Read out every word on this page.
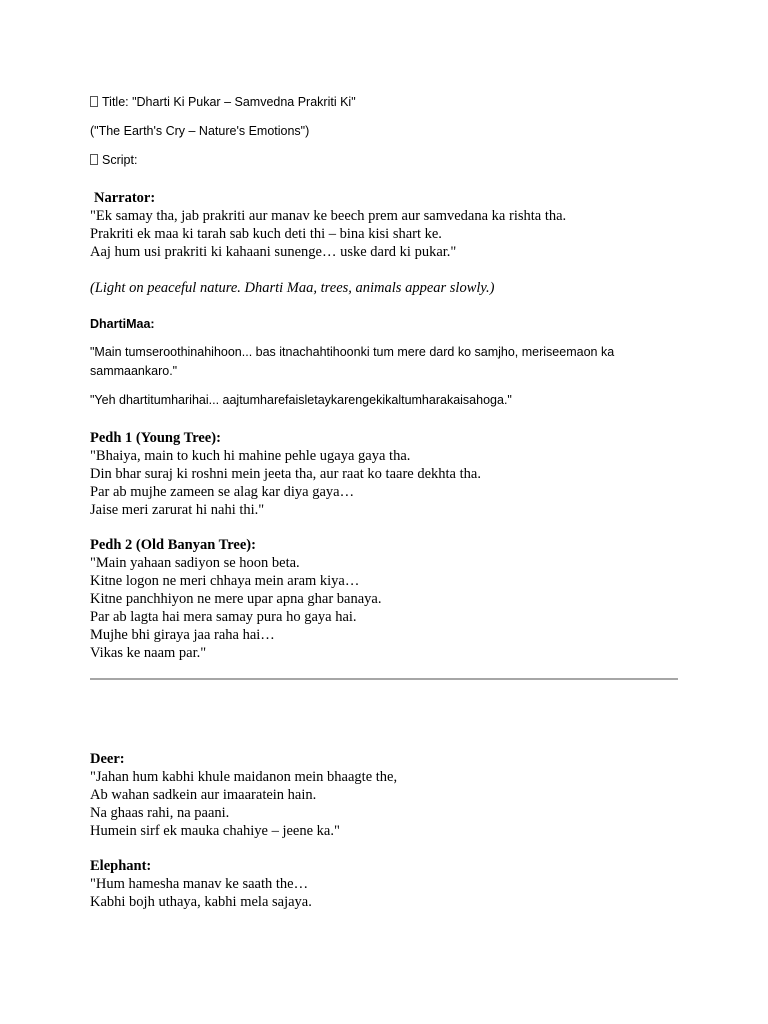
Title: "Dharti Ki Pukar – Samvedna Prakriti Ki"
("The Earth's Cry – Nature's Emotions")
Script:
Narrator:
"Ek samay tha, jab prakriti aur manav ke beech prem aur samvedana ka rishta tha.
Prakriti ek maa ki tarah sab kuch deti thi – bina kisi shart ke.
Aaj hum usi prakriti ki kahaani sunenge… uske dard ki pukar."
(Light on peaceful nature. Dharti Maa, trees, animals appear slowly.)
DhartiMaa:
"Main tumseroothinahihoon... bas itnachahtihoonki tum mere dard ko samjho, meriseemaon ka
sammaankaro."
"Yeh dhartitumharihai... aajtumharefaisletaykarengekikaltumharakaisahoga."
Pedh 1 (Young Tree):
"Bhaiya, main to kuch hi mahine pehle ugaya gaya tha.
Din bhar suraj ki roshni mein jeeta tha, aur raat ko taare dekhta tha.
Par ab mujhe zameen se alag kar diya gaya…
Jaise meri zarurat hi nahi thi."
Pedh 2 (Old Banyan Tree):
"Main yahaan sadiyon se hoon beta.
Kitne logon ne meri chhaya mein aram kiya…
Kitne panchhiyon ne mere upar apna ghar banaya.
Par ab lagta hai mera samay pura ho gaya hai.
Mujhe bhi giraya jaa raha hai…
Vikas ke naam par."
Deer:
"Jahan hum kabhi khule maidanon mein bhaagte the,
Ab wahan sadkein aur imaaratein hain.
Na ghaas rahi, na paani.
Humein sirf ek mauka chahiye – jeene ka."
Elephant:
"Hum hamesha manav ke saath the…
Kabhi bojh uthaya, kabhi mela sajaya.
